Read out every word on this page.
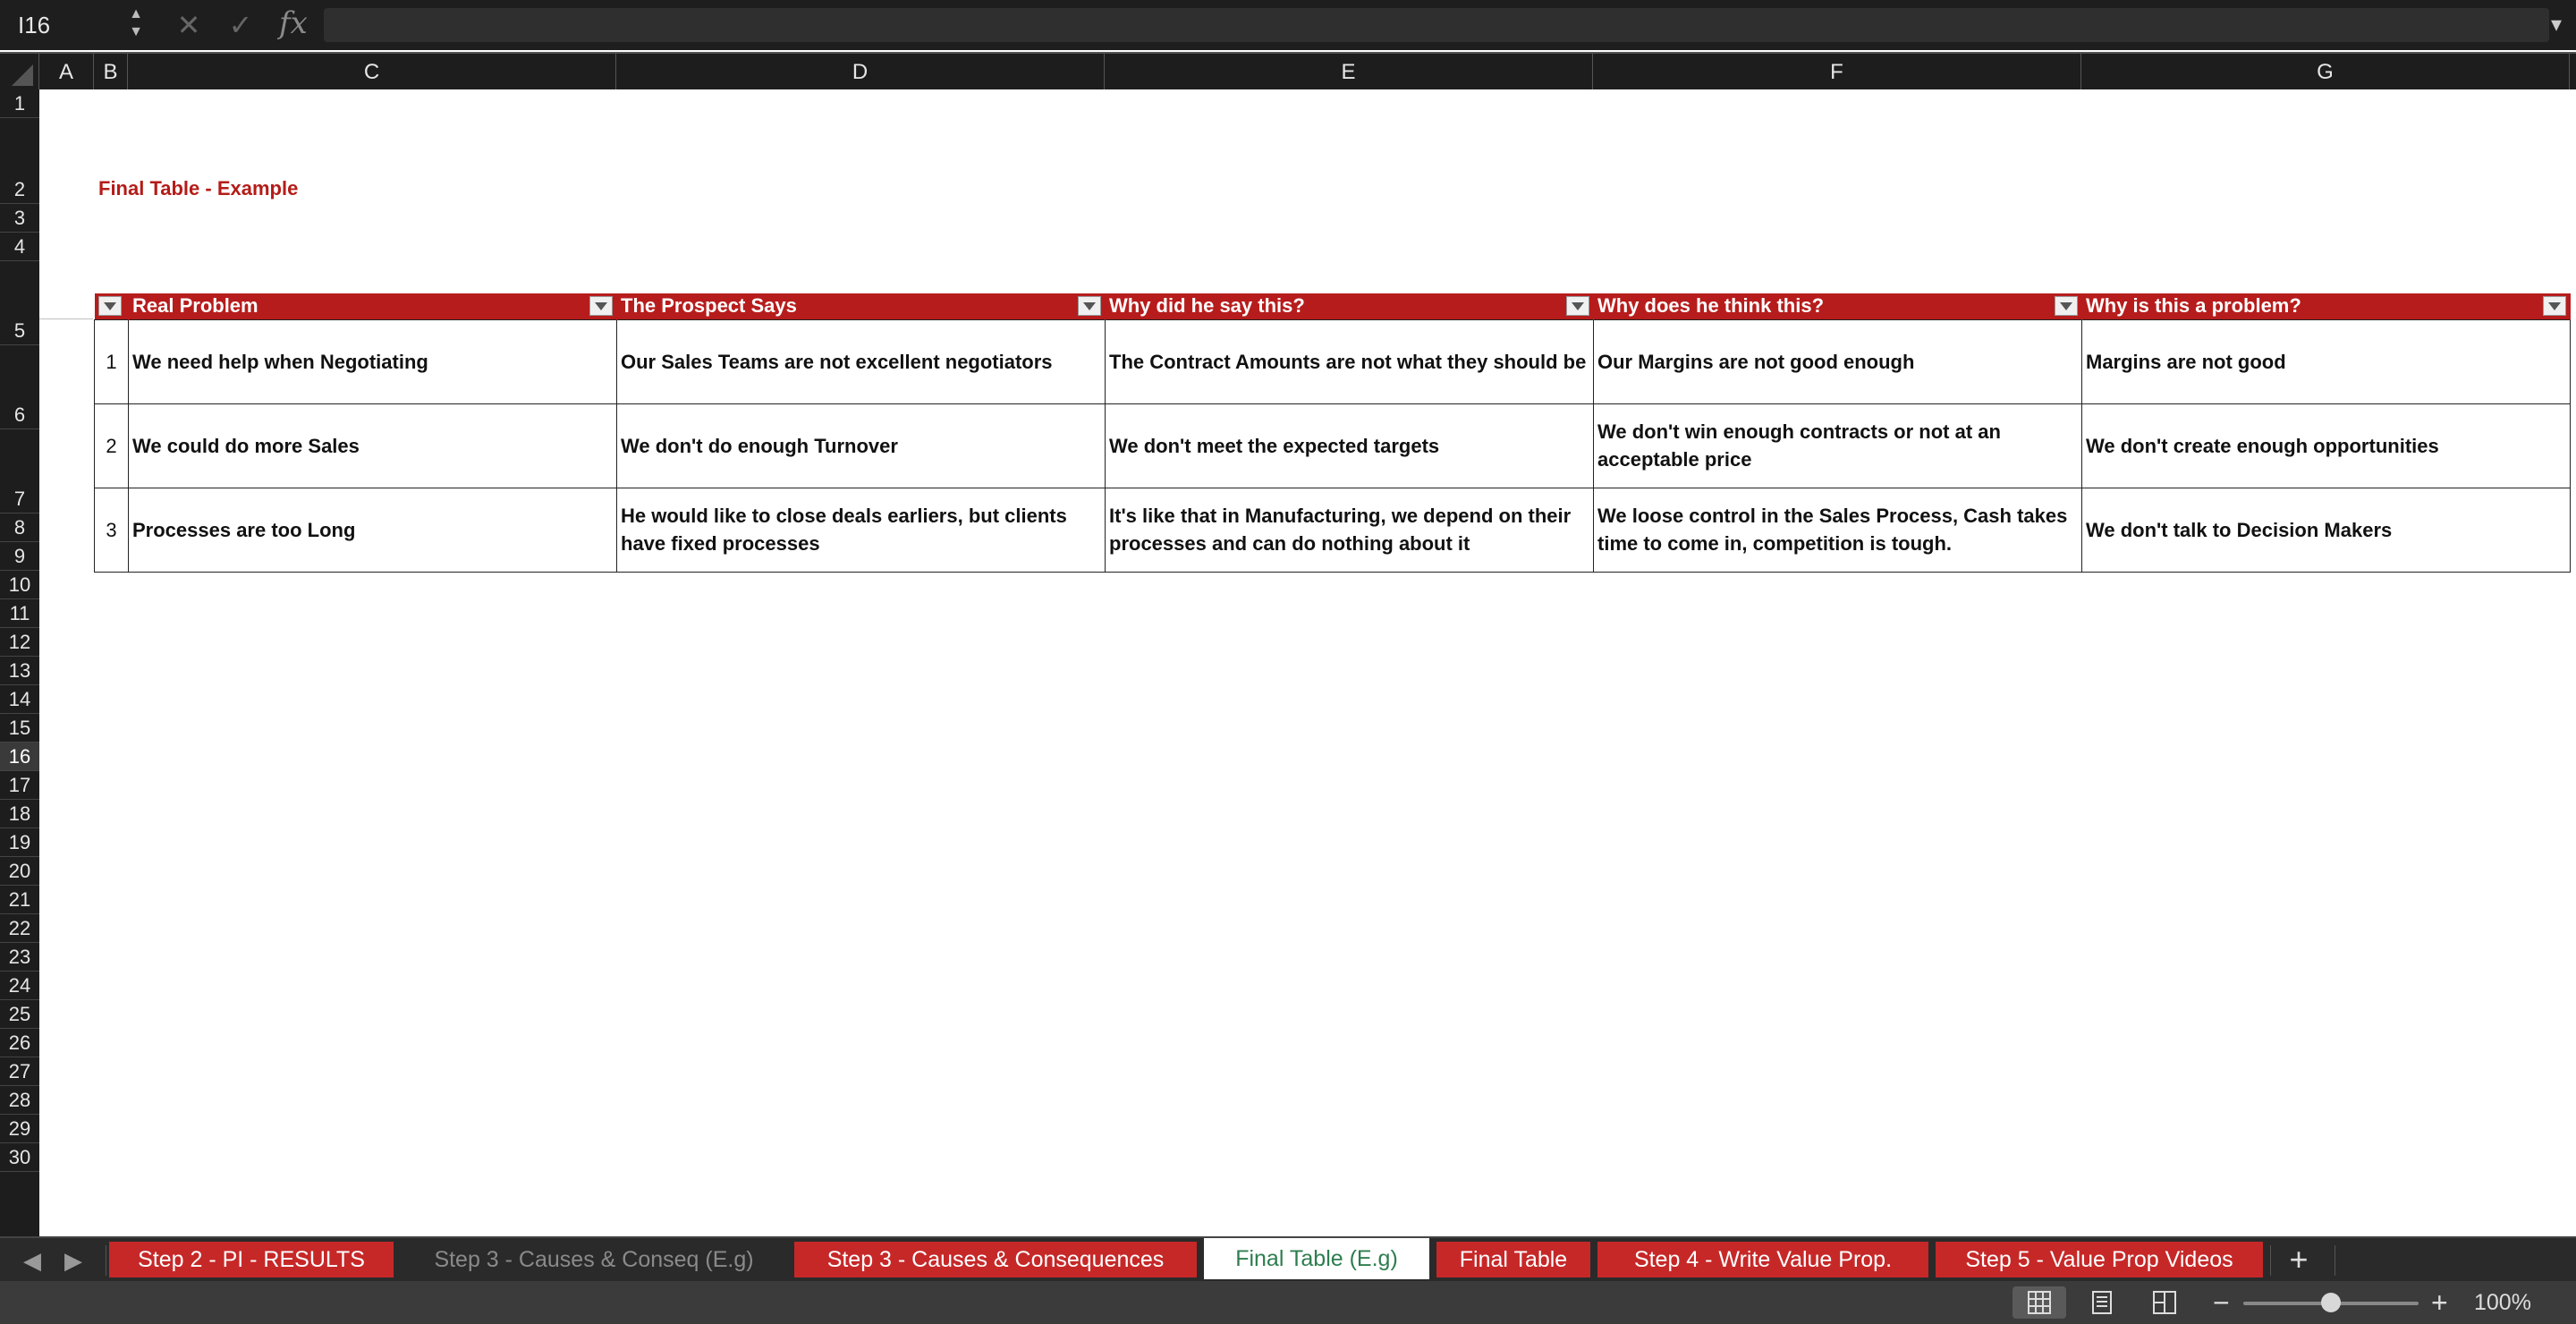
I16	▲
▼ ✕ ✓ fx	▾
A	B	C	D	E	F	G
1
2
3
4
5
6
7
8
9
10
11
12
13
14
15
16
17
18
19
20
21
22
23
24
25
26
27
28
29
30
Final Table - Example
	Real Problem	The Prospect Says	Why did he say this?	Why does he think this?	Why is this a problem?

1	We need help when Negotiating	Our Sales Teams are not excellent negotiators	The Contract Amounts are not what they should be	Our Margins are not good enough	Margins are not good
2	We could do more Sales	We don't do enough Turnover	We don't meet the expected targets	We don't win enough contracts or not at an acceptable price	We don't create enough opportunities
3	Processes are too Long	He would like to close deals earliers, but clients have fixed processes	It's like that in Manufacturing, we depend on their processes and can do nothing about it	We loose control in the Sales Process, Cash takes time to come in, competition is tough.	We don't talk to Decision Makers
◀ ▶	Step 2 - PI - RESULTS	Step 3 - Causes & Conseq (E.g)	Step 3 - Causes & Consequences	Final Table (E.g)	Final Table	Step 4 - Write Value Prop.	Step 5 - Value Prop Videos	+
−	+ 100%
